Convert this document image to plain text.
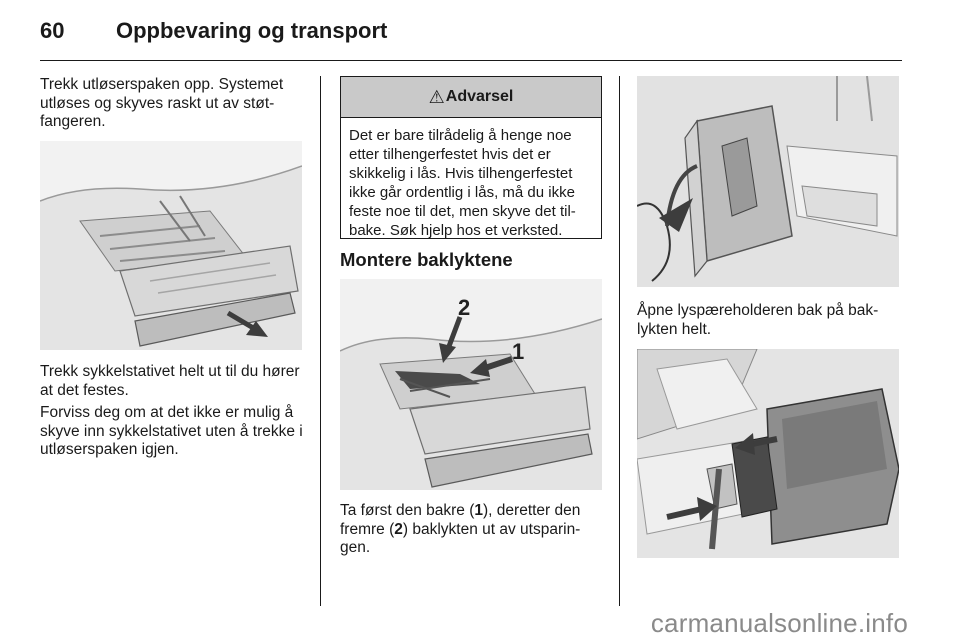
60 Oppbevaring og transport

Trekk utløserspaken opp. Systemet utløses og skyves raskt ut av støt-fangeren.

Trekk sykkelstativet helt ut til du hører at det festes.

Forviss deg om at det ikke er mulig å skyve inn sykkelstativet uten å trekke i utløserspaken igjen.

⚠ Advarsel

Det er bare tilrådelig å henge noe etter tilhengerfestet hvis det er skikkelig i lås. Hvis tilhengerfestet ikke går ordentlig i lås, må du ikke feste noe til det, men skyve det til-bake. Søk hjelp hos et verksted.

Montere baklyktene
2
1

Ta først den bakre (1), deretter den fremre (2) baklykten ut av utsparin-gen.

Åpne lyspæreholderen bak på bak-lykten helt.

carmanualsonline.info
